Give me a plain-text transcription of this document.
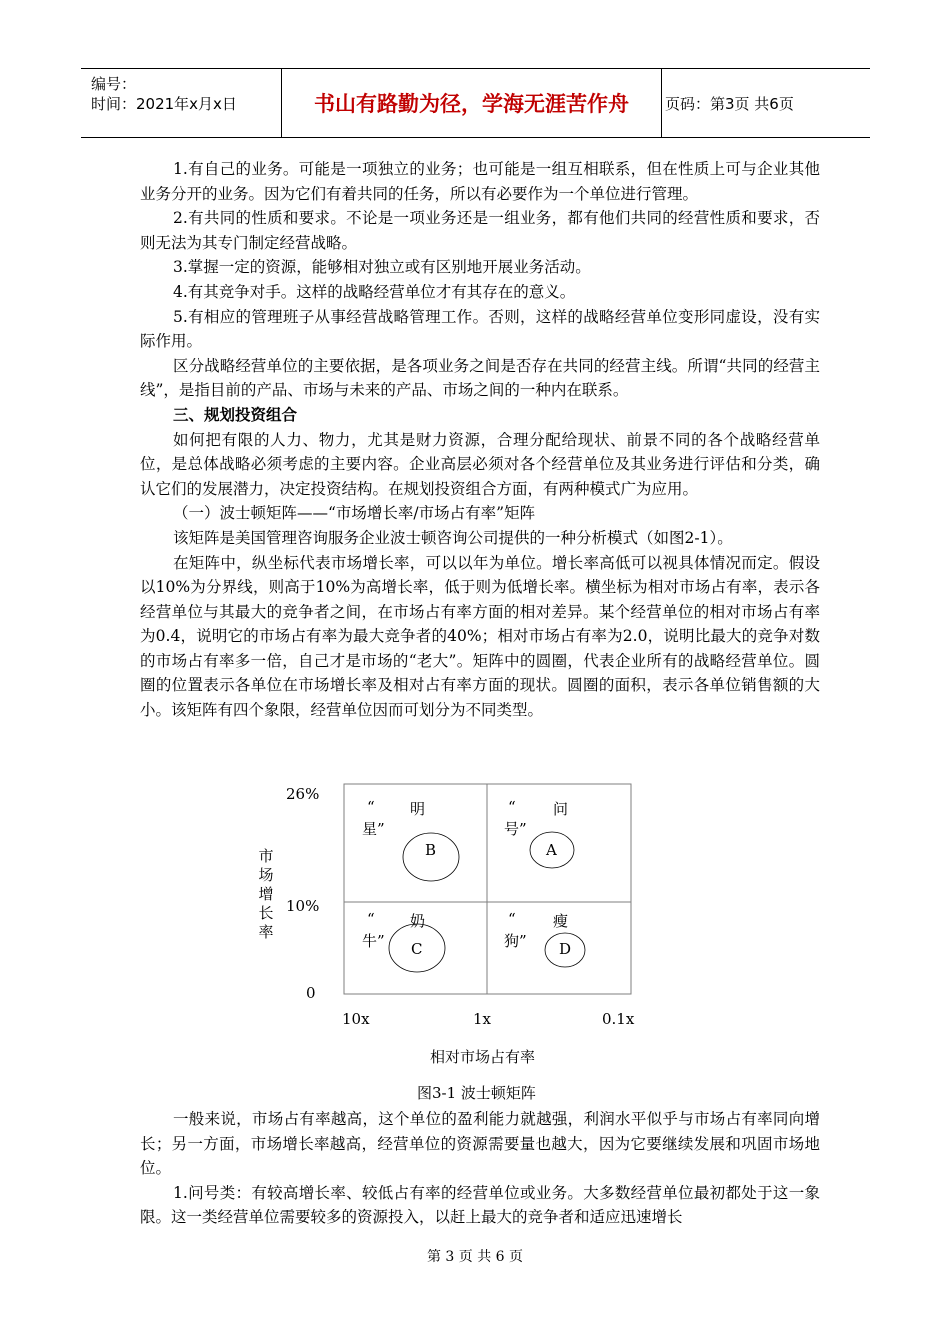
编号：
时间：2021年x月x日	书山有路勤为径，学海无涯苦作舟	页码：第3页 共6页

1.有自己的业务。可能是一项独立的业务；也可能是一组互相联系，但在性质上可与企业其他业务分开的业务。因为它们有着共同的任务，所以有必要作为一个单位进行管理。

2.有共同的性质和要求。不论是一项业务还是一组业务，都有他们共同的经营性质和要求，否则无法为其专门制定经营战略。

3.掌握一定的资源，能够相对独立或有区别地开展业务活动。

4.有其竞争对手。这样的战略经营单位才有其存在的意义。

5.有相应的管理班子从事经营战略管理工作。否则，这样的战略经营单位变形同虚设，没有实际作用。

区分战略经营单位的主要依据，是各项业务之间是否存在共同的经营主线。所谓“共同的经营主线”，是指目前的产品、市场与未来的产品、市场之间的一种内在联系。

三、规划投资组合

如何把有限的人力、物力，尤其是财力资源，合理分配给现状、前景不同的各个战略经营单位，是总体战略必须考虑的主要内容。企业高层必须对各个经营单位及其业务进行评估和分类，确认它们的发展潜力，决定投资结构。在规划投资组合方面，有两种模式广为应用。

（一）波士顿矩阵——“市场增长率/市场占有率”矩阵

该矩阵是美国管理咨询服务企业波士顿咨询公司提供的一种分析模式（如图2-1）。

在矩阵中，纵坐标代表市场增长率，可以以年为单位。增长率高低可以视具体情况而定。假设以10%为分界线，则高于10%为高增长率，低于则为低增长率。横坐标为相对市场占有率，表示各经营单位与其最大的竞争者之间，在市场占有率方面的相对差异。某个经营单位的相对市场占有率为0.4，说明它的市场占有率为最大竞争者的40%；相对市场占有率为2.0，说明比最大的竞争对数的市场占有率多一倍，自己才是市场的“老大”。矩阵中的圆圈，代表企业所有的战略经营单位。圆圈的位置表示各单位在市场增长率及相对占有率方面的现状。圆圈的面积，表示各单位销售额的大小。该矩阵有四个象限，经营单位因而可划分为不同类型。

26%
10%
0
市场增长率
“ 明
星”
B
“ 问
号”
A
“ 奶
牛” C
“ 瘦
狗” D
10x	1x	0.1x
相对市场占有率
图3-1 波士顿矩阵

一般来说，市场占有率越高，这个单位的盈利能力就越强，利润水平似乎与市场占有率同向增长；另一方面，市场增长率越高，经营单位的资源需要量也越大，因为它要继续发展和巩固市场地位。

1.问号类：有较高增长率、较低占有率的经营单位或业务。大多数经营单位最初都处于这一象限。这一类经营单位需要较多的资源投入，以赶上最大的竞争者和适应迅速增长

第 3 页 共 6 页
